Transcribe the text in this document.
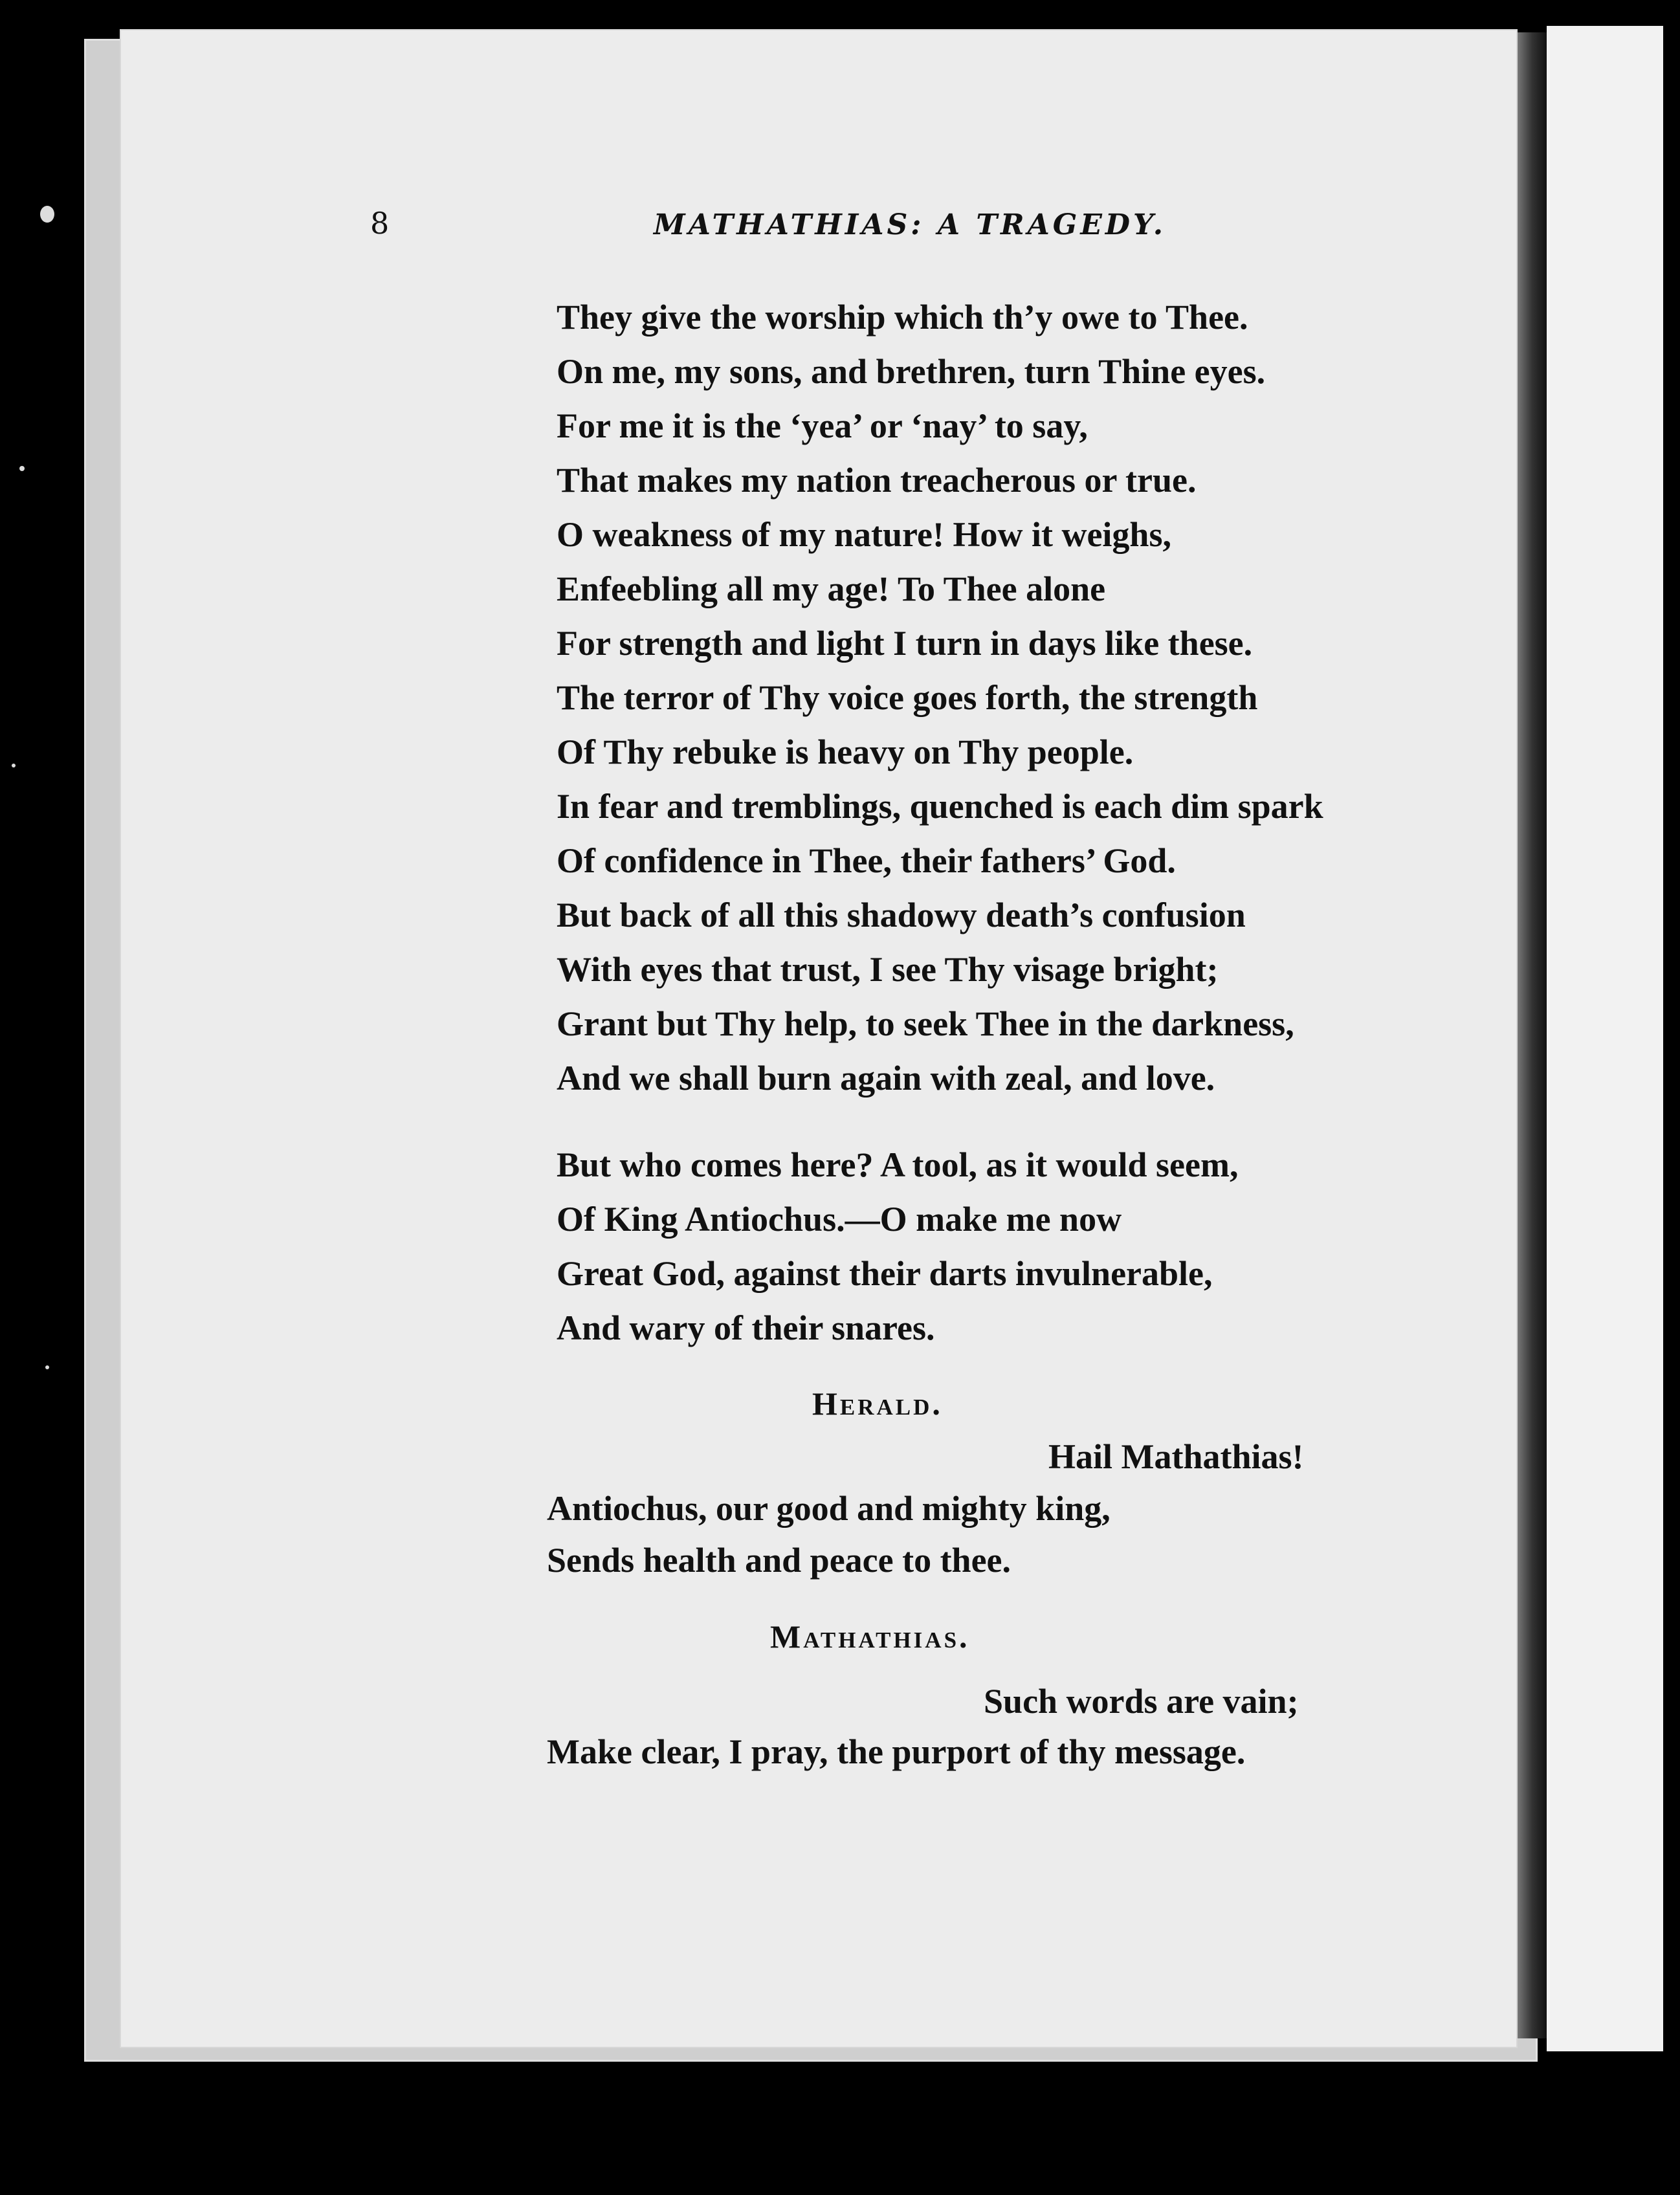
8	MATHATHIAS: A TRAGEDY.
They give the worship which th’y owe to Thee.
On me, my sons, and brethren, turn Thine eyes.
For me it is the ‘yea’ or ‘nay’ to say,
That makes my nation treacherous or true.
O weakness of my nature! How it weighs,
Enfeebling all my age! To Thee alone
For strength and light I turn in days like these.
The terror of Thy voice goes forth, the strength
Of Thy rebuke is heavy on Thy people.
In fear and tremblings, quenched is each dim spark
Of confidence in Thee, their fathers’ God.
But back of all this shadowy death’s confusion
With eyes that trust, I see Thy visage bright;
Grant but Thy help, to seek Thee in the darkness,
And we shall burn again with zeal, and love.
But who comes here? A tool, as it would seem,
Of King Antiochus.—O make me now
Great God, against their darts invulnerable,
And wary of their snares.
Herald.
Hail Mathathias!
Antiochus, our good and mighty king,
Sends health and peace to thee.
Mathathias.
Such words are vain;
Make clear, I pray, the purport of thy message.
